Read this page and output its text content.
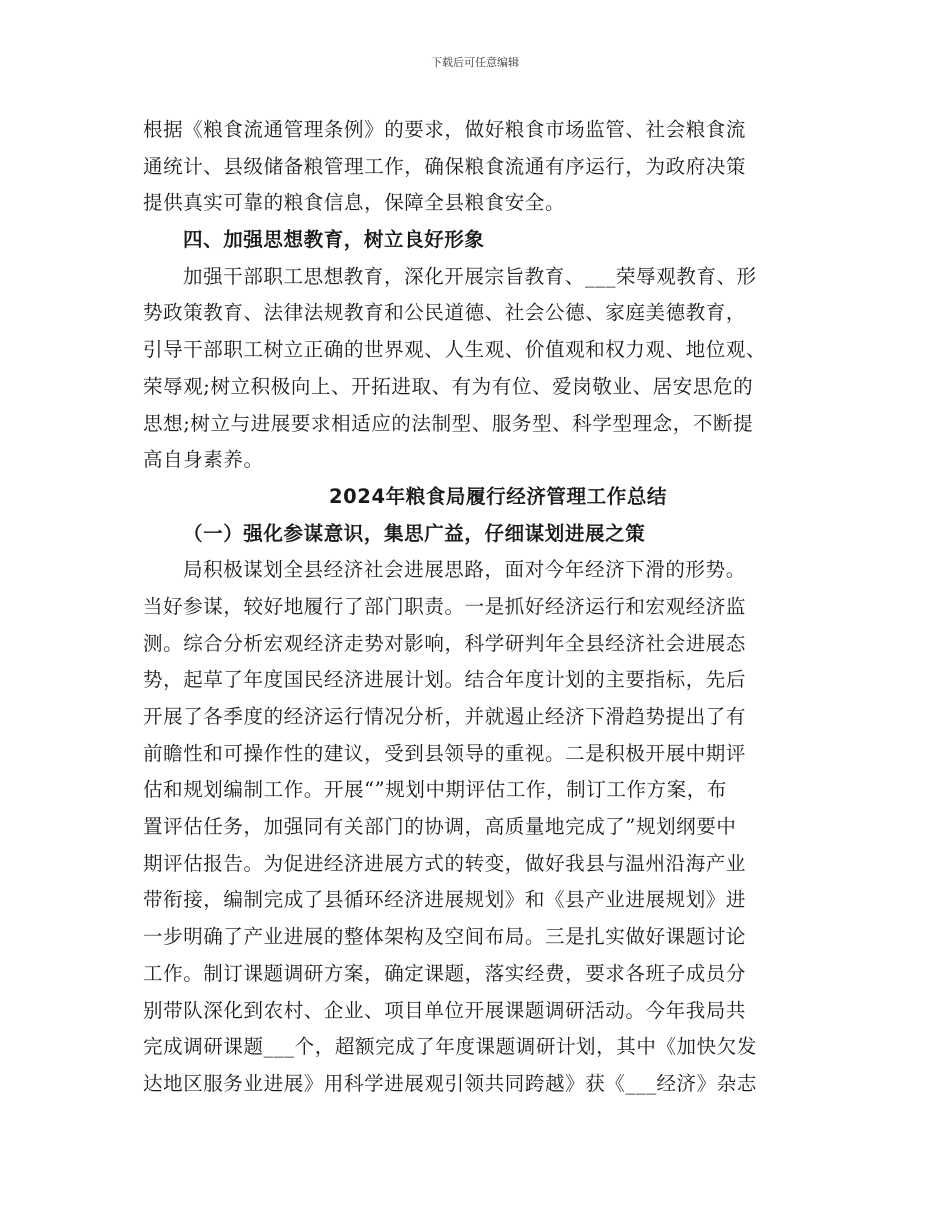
下载后可任意编辑
根据《粮食流通管理条例》的要求，做好粮食市场监管、社会粮食流
通统计、县级储备粮管理工作，确保粮食流通有序运行，为政府决策
提供真实可靠的粮食信息，保障全县粮食安全。
四、加强思想教育，树立良好形象
加强干部职工思想教育，深化开展宗旨教育、___荣辱观教育、形
势政策教育、法律法规教育和公民道德、社会公德、家庭美德教育，
引导干部职工树立正确的世界观、人生观、价值观和权力观、地位观、
荣辱观;树立积极向上、开拓进取、有为有位、爱岗敬业、居安思危的
思想;树立与进展要求相适应的法制型、服务型、科学型理念，不断提
高自身素养。
2024年粮食局履行经济管理工作总结
（一）强化参谋意识，集思广益，仔细谋划进展之策
局积极谋划全县经济社会进展思路，面对今年经济下滑的形势。
当好参谋，较好地履行了部门职责。一是抓好经济运行和宏观经济监
测。综合分析宏观经济走势对影响，科学研判年全县经济社会进展态
势，起草了年度国民经济进展计划。结合年度计划的主要指标，先后
开展了各季度的经济运行情况分析，并就遏止经济下滑趋势提出了有
前瞻性和可操作性的建议，受到县领导的重视。二是积极开展中期评
估和规划编制工作。开展“”规划中期评估工作，制订工作方案，布
置评估任务，加强同有关部门的协调，高质量地完成了”规划纲要中
期评估报告。为促进经济进展方式的转变，做好我县与温州沿海产业
带衔接，编制完成了县循环经济进展规划》和《县产业进展规划》进
一步明确了产业进展的整体架构及空间布局。三是扎实做好课题讨论
工作。制订课题调研方案，确定课题，落实经费，要求各班子成员分
别带队深化到农村、企业、项目单位开展课题调研活动。今年我局共
完成调研课题___个，超额完成了年度课题调研计划，其中《加快欠发
达地区服务业进展》用科学进展观引领共同跨越》获《___经济》杂志
